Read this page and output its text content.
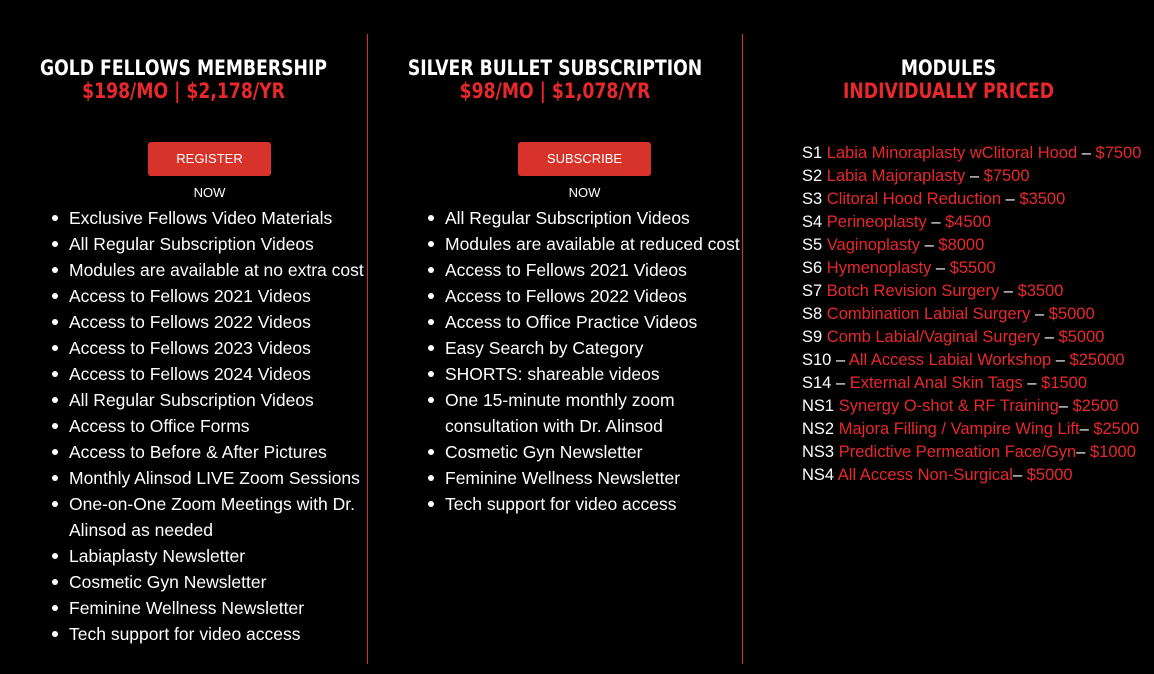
GOLD FELLOWS MEMBERSHIP
$198/MO | $2,178/YR
REGISTER NOW
Exclusive Fellows Video Materials
All Regular Subscription Videos
Modules are available at no extra cost
Access to Fellows 2021 Videos
Access to Fellows 2022 Videos
Access to Fellows 2023 Videos
Access to Fellows 2024 Videos
All Regular Subscription Videos
Access to Office Forms
Access to Before & After Pictures
Monthly Alinsod LIVE Zoom Sessions
One-on-One Zoom Meetings with Dr. Alinsod as needed
Labiaplasty Newsletter
Cosmetic Gyn Newsletter
Feminine Wellness Newsletter
Tech support for video access
SILVER BULLET SUBSCRIPTION
$98/MO | $1,078/YR
SUBSCRIBE NOW
All Regular Subscription Videos
Modules are available at reduced cost
Access to Fellows 2021 Videos
Access to Fellows 2022 Videos
Access to Office Practice Videos
Easy Search by Category
SHORTS: shareable videos
One 15-minute monthly zoom consultation with Dr. Alinsod
Cosmetic Gyn Newsletter
Feminine Wellness Newsletter
Tech support for video access
MODULES
INDIVIDUALLY PRICED
S1 Labia Minoraplasty wClitoral Hood – $7500
S2 Labia Majoraplasty – $7500
S3 Clitoral Hood Reduction – $3500
S4 Perineoplasty – $4500
S5 Vaginoplasty – $8000
S6 Hymenoplasty – $5500
S7 Botch Revision Surgery – $3500
S8 Combination Labial Surgery – $5000
S9 Comb Labial/Vaginal Surgery – $5000
S10 – All Access Labial Workshop – $25000
S14 – External Anal Skin Tags – $1500
NS1 Synergy O-shot & RF Training– $2500
NS2 Majora Filling / Vampire Wing Lift– $2500
NS3 Predictive Permeation Face/Gyn– $1000
NS4 All Access Non-Surgical– $5000
